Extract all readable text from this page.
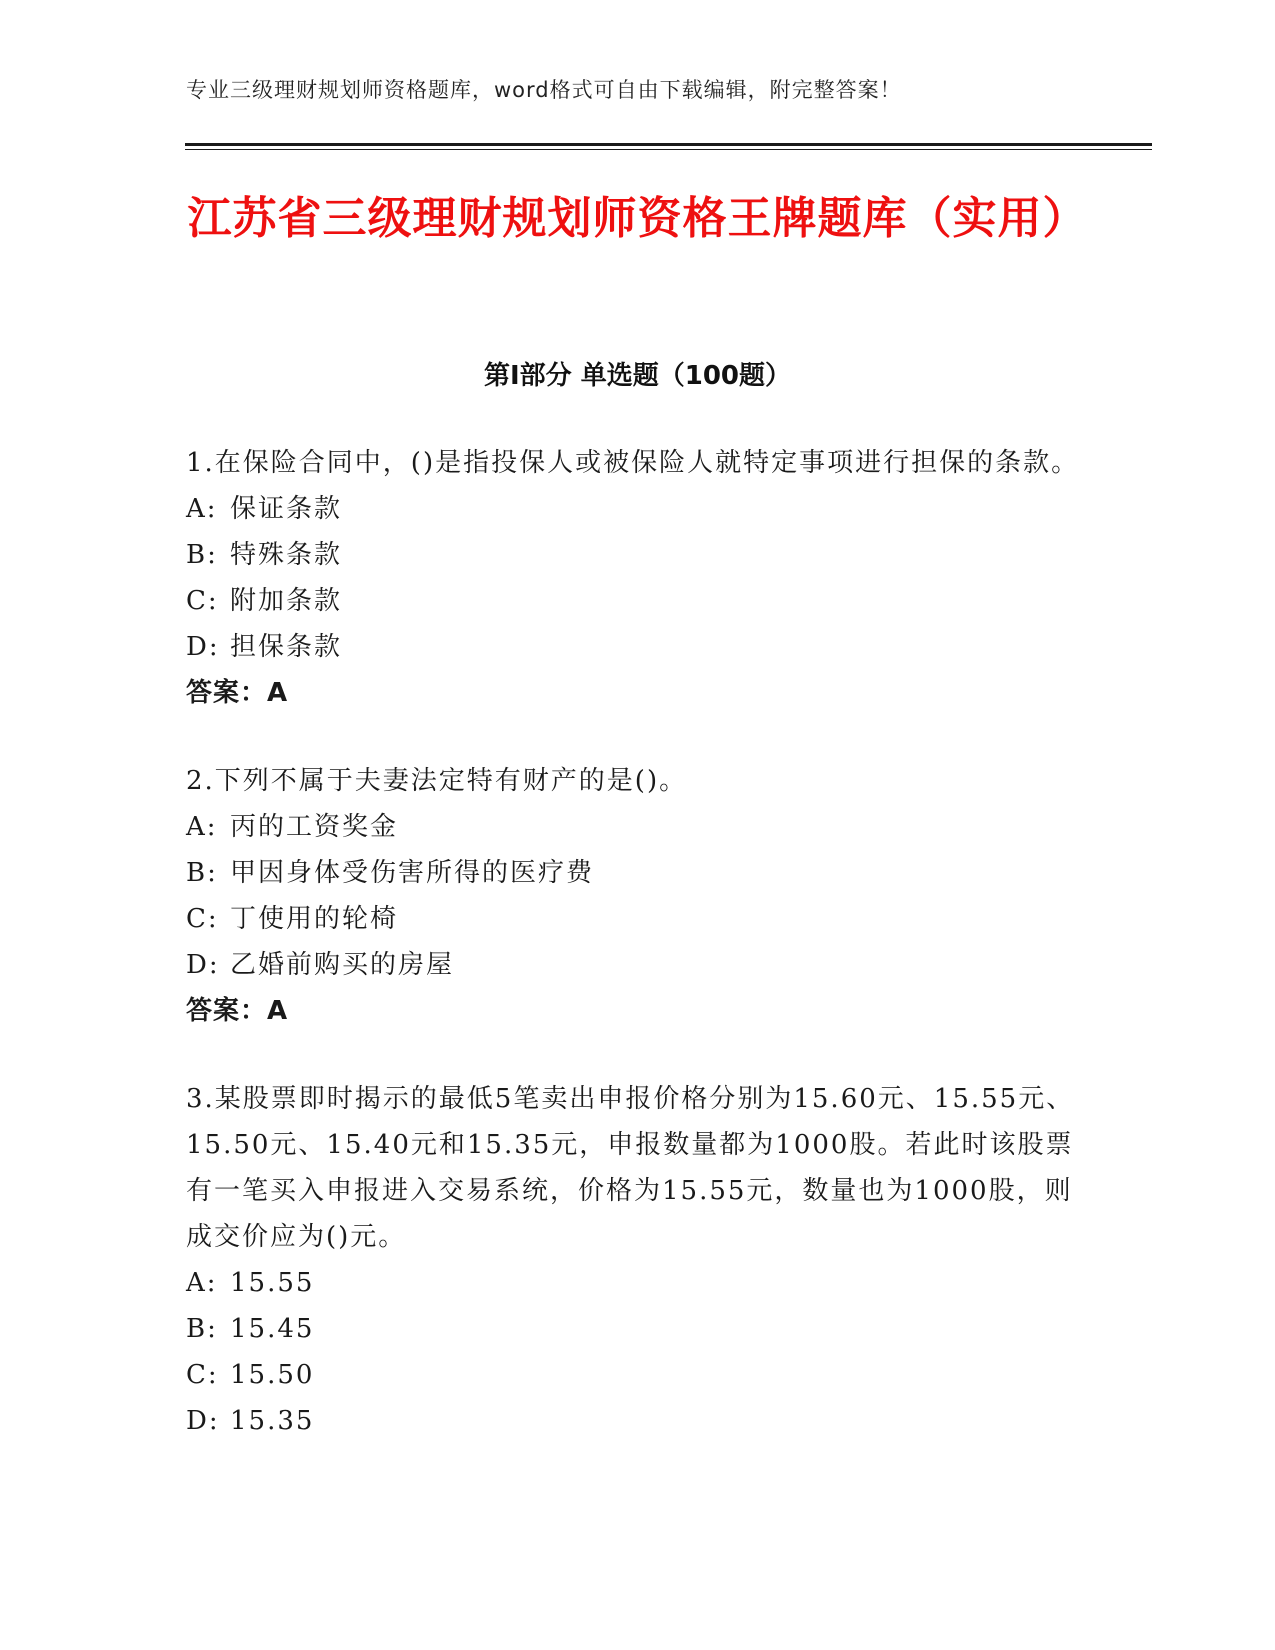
专业三级理财规划师资格题库，word格式可自由下载编辑，附完整答案！
江苏省三级理财规划师资格王牌题库（实用）
第Ⅰ部分 单选题（100题）

1.在保险合同中，()是指投保人或被保险人就特定事项进行担保的条款。

A: 保证条款

B: 特殊条款

C: 附加条款

D: 担保条款

答案：A

2.下列不属于夫妻法定特有财产的是()。

A: 丙的工资奖金

B: 甲因身体受伤害所得的医疗费

C: 丁使用的轮椅

D: 乙婚前购买的房屋

答案：A

3.某股票即时揭示的最低5笔卖出申报价格分别为15.60元、15.55元、15.50元、15.40元和15.35元，申报数量都为1000股。若此时该股票有一笔买入申报进入交易系统，价格为15.55元，数量也为1000股，则成交价应为()元。

A: 15.55

B: 15.45

C: 15.50

D: 15.35
